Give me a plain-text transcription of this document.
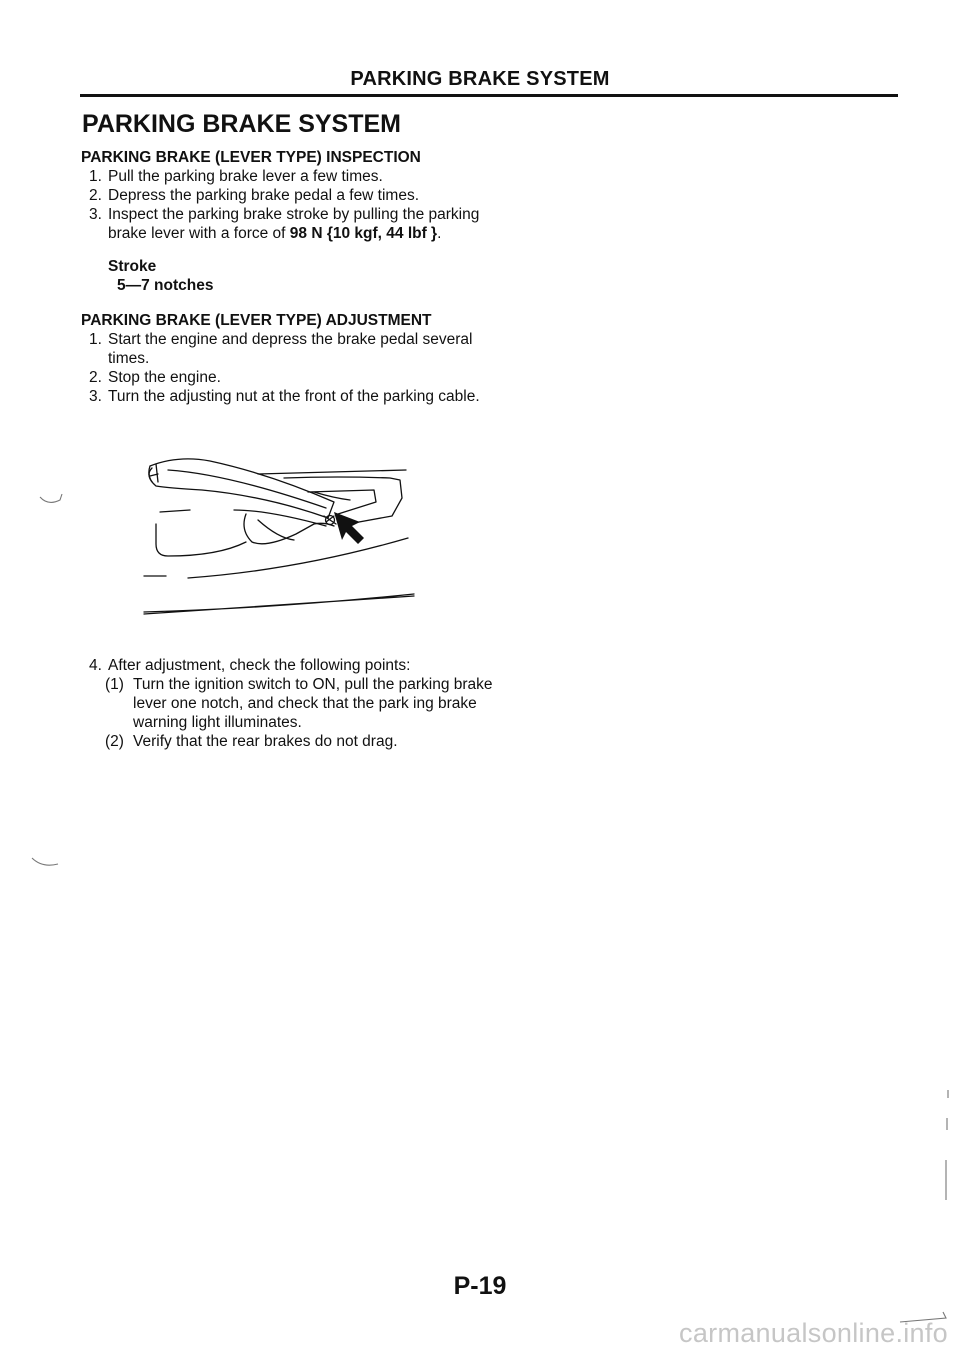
PARKING BRAKE SYSTEM
PARKING BRAKE SYSTEM
PARKING BRAKE (LEVER TYPE) INSPECTION
1. Pull the parking brake lever a few times.
2. Depress the parking brake pedal a few times.
3. Inspect the parking brake stroke by pulling the parking brake lever with a force of 98 N {10 kgf, 44 lbf }.
Stroke
5—7 notches
PARKING BRAKE (LEVER TYPE) ADJUSTMENT
1. Start the engine and depress the brake pedal several times.
2. Stop the engine.
3. Turn the adjusting nut at the front of the parking cable.
4. After adjustment, check the following points:
(1) Turn the ignition switch to ON, pull the parking brake lever one notch, and check that the park ing brake warning light illuminates.
(2) Verify that the rear brakes do not drag.
P-19
carmanualsonline.info
